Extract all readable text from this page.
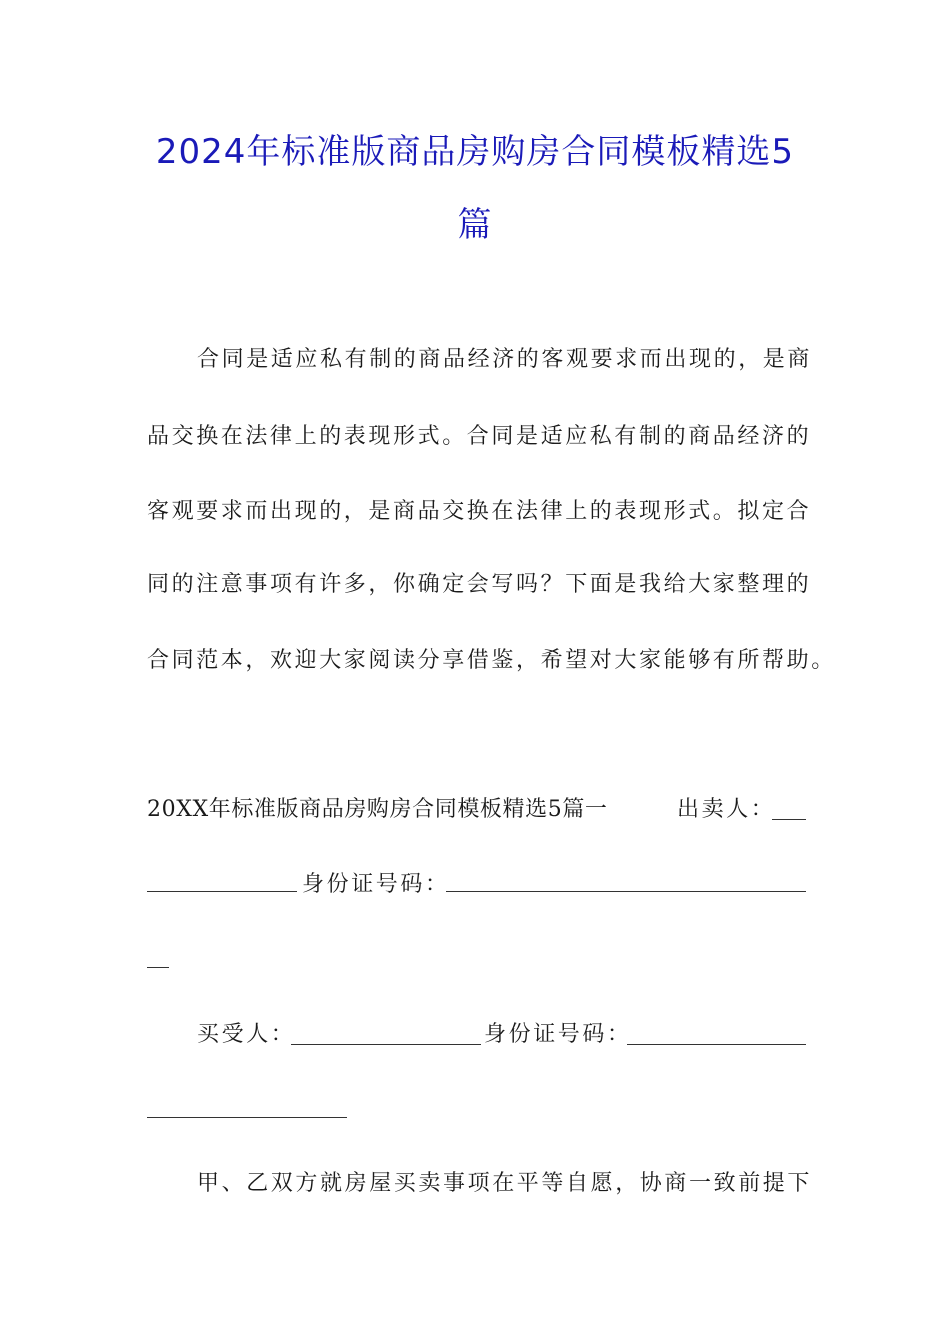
2024年标准版商品房购房合同模板精选5
篇
合同是适应私有制的商品经济的客观要求而出现的，是商
品交换在法律上的表现形式。合同是适应私有制的商品经济的
客观要求而出现的，是商品交换在法律上的表现形式。拟定合
同的注意事项有许多，你确定会写吗？下面是我给大家整理的
合同范本，欢迎大家阅读分享借鉴，希望对大家能够有所帮助。
20XX年标准版商品房购房合同模板精选5篇一	出卖人：
身份证号码：
买受人：	身份证号码：
甲、乙双方就房屋买卖事项在平等自愿，协商一致前提下
